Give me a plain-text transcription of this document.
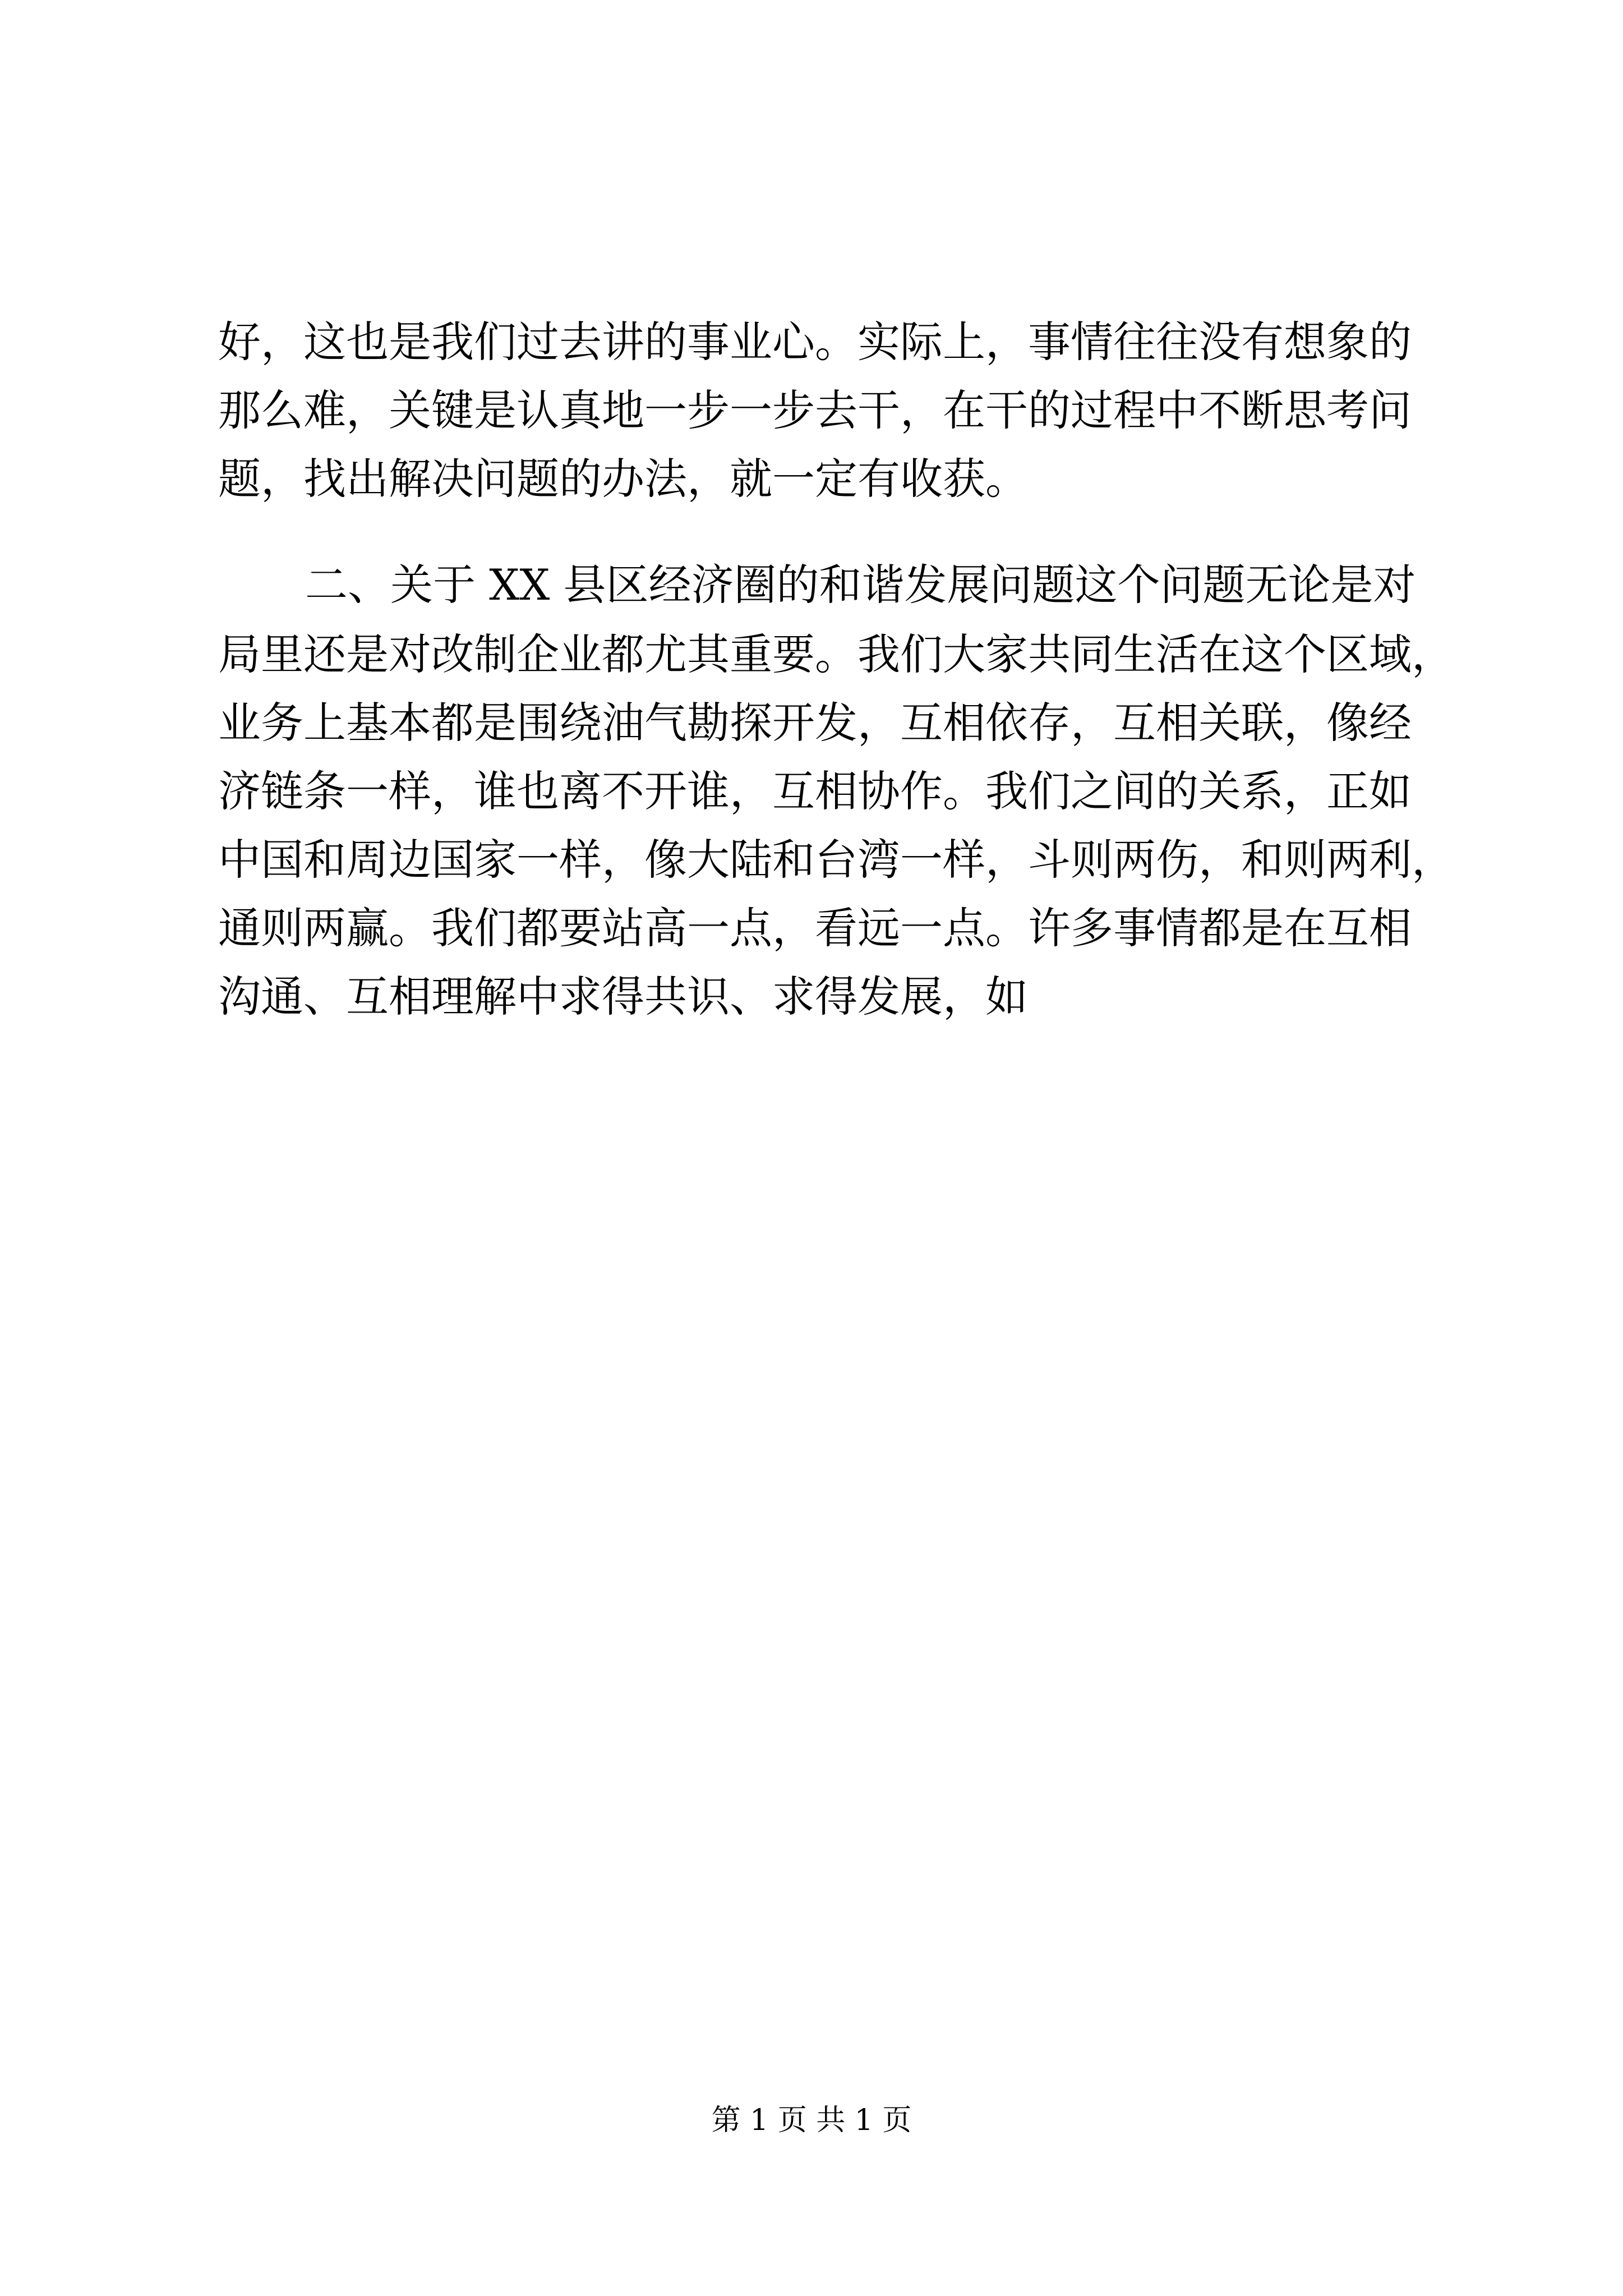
好，这也是我们过去讲的事业心。实际上，事情往往没有想象的

那么难，关键是认真地一步一步去干，在干的过程中不断思考问

题，找出解决问题的办法，就一定有收获。

二、关于 XX 县区经济圈的和谐发展问题这个问题无论是对

局里还是对改制企业都尤其重要。我们大家共同生活在这个区域，

业务上基本都是围绕油气勘探开发，互相依存，互相关联，像经

济链条一样，谁也离不开谁，互相协作。我们之间的关系，正如

中国和周边国家一样，像大陆和台湾一样，斗则两伤，和则两利，

通则两赢。我们都要站高一点，看远一点。许多事情都是在互相

沟通、互相理解中求得共识、求得发展，如

第 1 页 共 1 页
